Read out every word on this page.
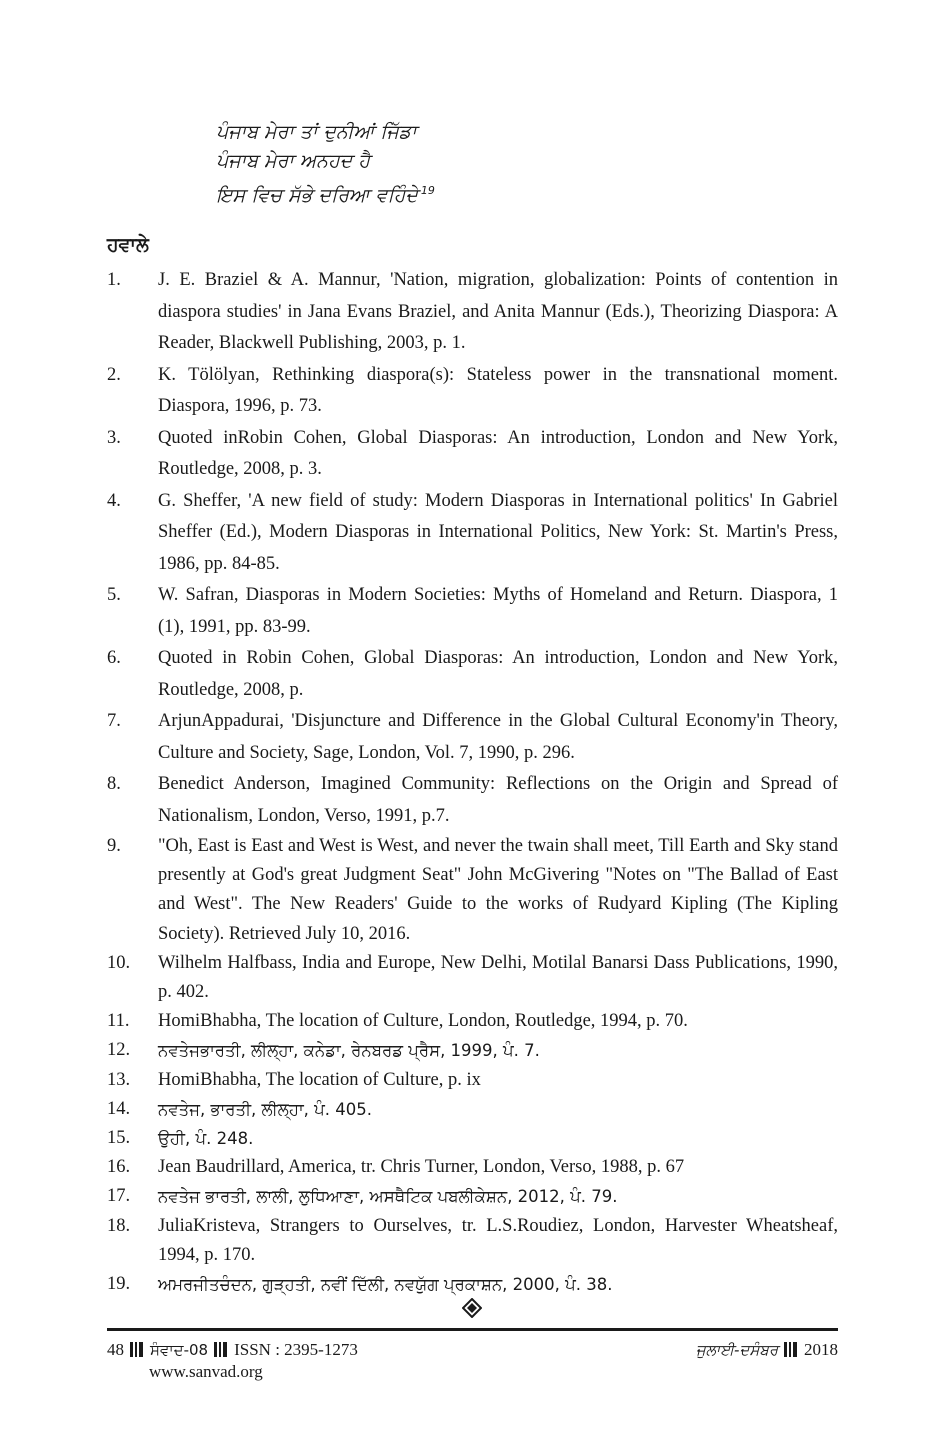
ਪੰਜਾਬ ਮੇਰਾ ਤਾਂ ਦੁਨੀਆਂ ਜਿੱਡਾ
ਪੰਜਾਬ ਮੇਰਾ ਅਨਹਦ ਹੈ
ਇਸ ਵਿਚ ਸੱਭੇ ਦਰਿਆ ਵਹਿੰਦੇ $^{19}$
ਹਵਾਲੇ
1.	J. E. Braziel & A. Mannur, 'Nation, migration, globalization: Points of contention in diaspora studies' in Jana Evans Braziel, and Anita Mannur (Eds.), Theorizing Diaspora: A Reader, Blackwell Publishing, 2003, p. 1.
2.	K. Tölölyan, Rethinking diaspora(s): Stateless power in the transnational moment. Diaspora, 1996, p. 73.
3.	Quoted inRobin Cohen, Global Diasporas: An introduction, London and New York, Routledge, 2008, p. 3.
4.	G. Sheffer, 'A new field of study: Modern Diasporas in International politics' In Gabriel Sheffer (Ed.), Modern Diasporas in International Politics, New York: St. Martin's Press, 1986, pp. 84-85.
5.	W. Safran, Diasporas in Modern Societies: Myths of Homeland and Return. Diaspora, 1 (1), 1991, pp. 83-99.
6.	Quoted in Robin Cohen, Global Diasporas: An introduction, London and New York, Routledge, 2008, p.
7.	ArjunAppadurai, 'Disjuncture and Difference in the Global Cultural Economy'in Theory, Culture and Society, Sage, London, Vol. 7, 1990, p. 296.
8.	Benedict Anderson, Imagined Community: Reflections on the Origin and Spread of Nationalism, London, Verso, 1991, p.7.
9.	"Oh, East is East and West is West, and never the twain shall meet, Till Earth and Sky stand presently at God's great Judgment Seat" John McGivering "Notes on "The Ballad of East and West". The New Readers' Guide to the works of Rudyard Kipling (The Kipling Society). Retrieved July 10, 2016.
10.	Wilhelm Halfbass, India and Europe, New Delhi, Motilal Banarsi Dass Publications, 1990, p. 402.
11.	HomiBhabha, The location of Culture, London, Routledge, 1994, p. 70.
12.	ਨਵਤੇਜਭਾਰਤੀ, ਲੀਲ੍ਹਾ, ਕਨੇਡਾ, ਰੇਨਬਰਡ ਪ੍ਰੈਸ, 1999, ਪੰ. 7.
13.	HomiBhabha, The location of Culture, p. ix
14.	ਨਵਤੇਜ, ਭਾਰਤੀ, ਲੀਲ੍ਹਾ, ਪੰ. 405.
15.	ਉਹੀ, ਪੰ. 248.
16.	Jean Baudrillard, America, tr. Chris Turner, London, Verso, 1988, p. 67
17.	ਨਵਤੇਜ ਭਾਰਤੀ, ਲਾਲੀ, ਲੁਧਿਆਣਾ, ਅਸਥੈਟਿਕ ਪਬਲੀਕੇਸ਼ਨ, 2012, ਪੰ. 79.
18.	JuliaKristeva, Strangers to Ourselves, tr. L.S.Roudiez, London, Harvester Wheatsheaf, 1994, p. 170.
19.	ਅਮਰਜੀਤਚੰਦਨ, ਗੁੜ੍ਹਤੀ, ਨਵੀਂ ਦਿੱਲੀ, ਨਵਯੁੱਗ ਪ੍ਰਕਾਸ਼ਨ, 2000, ਪੰ. 38.
48 ਸੰਵਾਦ-08 ISSN : 2395-1273	ਜੁਲਾਈ-ਦਸੰਬਰ 2018
www.sanvad.org
